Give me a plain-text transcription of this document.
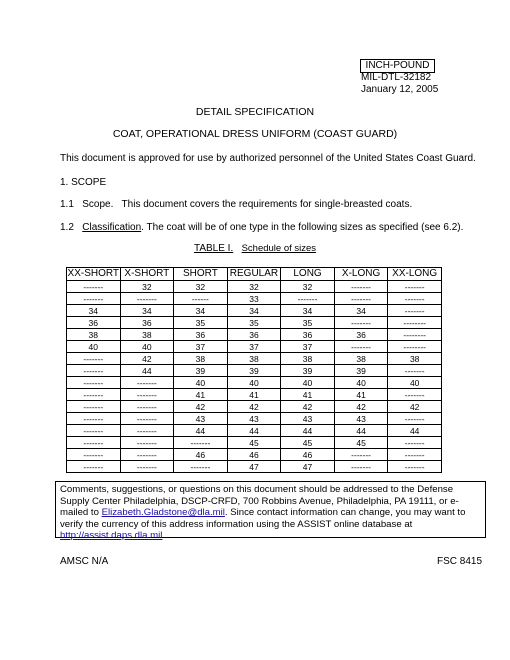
INCH-POUND
MIL-DTL-32182
January 12, 2005
DETAIL SPECIFICATION
COAT, OPERATIONAL DRESS UNIFORM (COAST GUARD)
This document is approved for use by authorized personnel of the United States Coast Guard.
1. SCOPE
1.1 Scope. This document covers the requirements for single-breasted coats.
1.2 Classification. The coat will be of one type in the following sizes as specified (see 6.2).
TABLE I. Schedule of sizes
XX-SHORT	X-SHORT	SHORT	REGULAR	LONG	X-LONG	XX-LONG
-------	32	32	32	32	-------	-------
-------	-------	------	33	-------	-------	-------
34	34	34	34	34	34	-------
36	36	35	35	35	-------	--------
38	38	36	36	36	36	--------
40	40	37	37	37	-------	--------
-------	42	38	38	38	38	38
-------	44	39	39	39	39	-------
-------	-------	40	40	40	40	40
-------	-------	41	41	41	41	-------
-------	-------	42	42	42	42	42
-------	-------	43	43	43	43	-------
-------	-------	44	44	44	44	44
-------	-------	-------	45	45	45	-------
-------	-------	46	46	46	-------	-------
-------	-------	-------	47	47	-------	-------
Comments, suggestions, or questions on this document should be addressed to the Defense Supply Center Philadelphia, DSCP-CRFD, 700 Robbins Avenue, Philadelphia, PA 19111, or e-mailed to Elizabeth.Gladstone@dla.mil. Since contact information can change, you may want to verify the currency of this address information using the ASSIST online database at http://assist.daps.dla.mil.
AMSC N/A	FSC 8415
